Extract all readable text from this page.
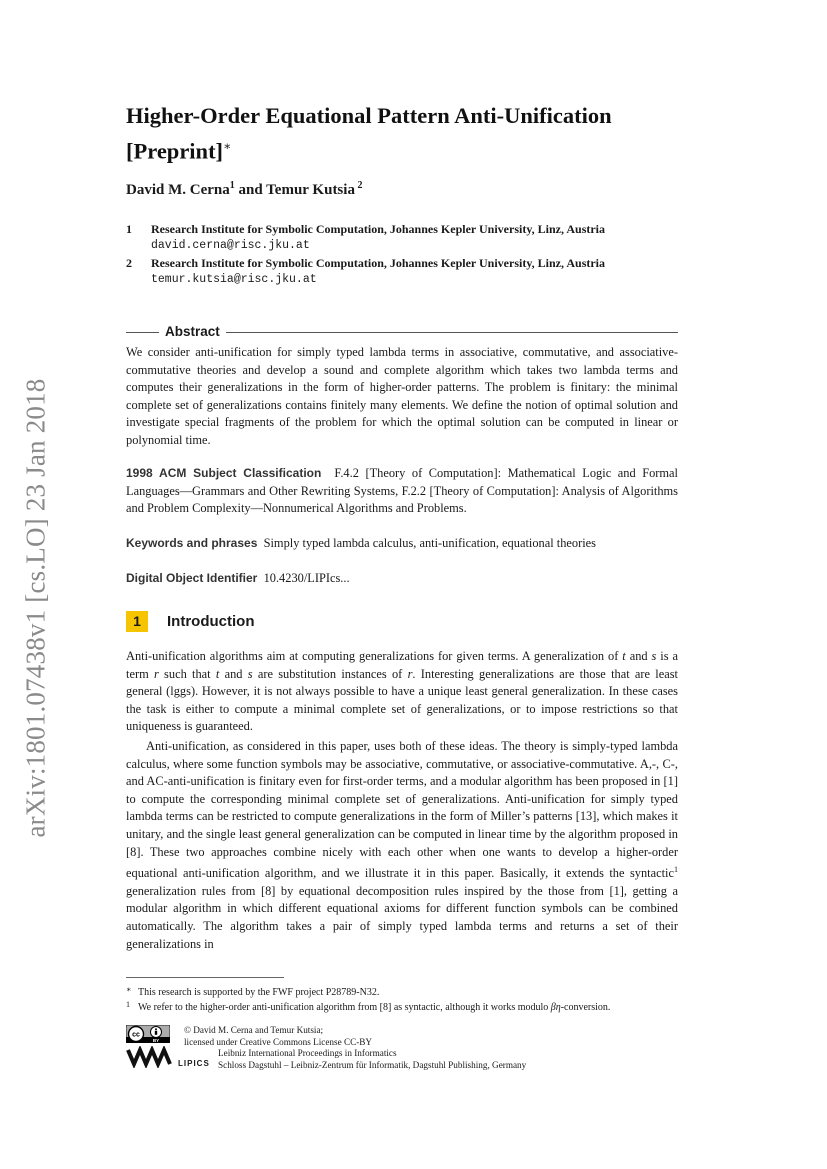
arXiv:1801.07438v1 [cs.LO] 23 Jan 2018
Higher-Order Equational Pattern Anti-Unification
[Preprint]∗
David M. Cerna$^1$ and Temur Kutsia $^2$
1 Research Institute for Symbolic Computation, Johannes Kepler University, Linz, Austria
david.cerna@risc.jku.at
2 Research Institute for Symbolic Computation, Johannes Kepler University, Linz, Austria
temur.kutsia@risc.jku.at
Abstract

We consider anti-unification for simply typed lambda terms in associative, commutative, and associative-commutative theories and develop a sound and complete algorithm which takes two lambda terms and computes their generalizations in the form of higher-order patterns. The problem is finitary: the minimal complete set of generalizations contains finitely many elements. We define the notion of optimal solution and investigate special fragments of the problem for which the optimal solution can be computed in linear or polynomial time.

1998 ACM Subject Classification F.4.2 [Theory of Computation]: Mathematical Logic and Formal Languages—Grammars and Other Rewriting Systems, F.2.2 [Theory of Computation]: Analysis of Algorithms and Problem Complexity—Nonnumerical Algorithms and Problems.

Keywords and phrases Simply typed lambda calculus, anti-unification, equational theories

Digital Object Identifier 10.4230/LIPIcs...

1	Introduction

Anti-unification algorithms aim at computing generalizations for given terms. A generalization of t and s is a term r such that t and s are substitution instances of r. Interesting generalizations are those that are least general (lggs). However, it is not always possible to have a unique least general generalization. In these cases the task is either to compute a minimal complete set of generalizations, or to impose restrictions so that uniqueness is guaranteed.

Anti-unification, as considered in this paper, uses both of these ideas. The theory is simply-typed lambda calculus, where some function symbols may be associative, commutative, or associative-commutative. A,-, C-, and AC-anti-unification is finitary even for first-order terms, and a modular algorithm has been proposed in [1] to compute the corresponding minimal complete set of generalizations. Anti-unification for simply typed lambda terms can be restricted to compute generalizations in the form of Miller’s patterns [13], which makes it unitary, and the single least general generalization can be computed in linear time by the algorithm proposed in [8]. These two approaches combine nicely with each other when one wants to develop a higher-order equational anti-unification algorithm, and we illustrate it in this paper. Basically, it extends the syntactic$^1$ generalization rules from [8] by equational decomposition rules inspired by the those from [1], getting a modular algorithm in which different equational axioms for different function symbols can be combined automatically. The algorithm takes a pair of simply typed lambda terms and returns a set of their generalizations in

∗ This research is supported by the FWF project P28789-N32.
1 We refer to the higher-order anti-unification algorithm from [8] as syntactic, although it works modulo βη-conversion.
cc
BY
© David M. Cerna and Temur Kutsia;
licensed under Creative Commons License CC-BY
LIPICS
Leibniz International Proceedings in Informatics
Schloss Dagstuhl – Leibniz-Zentrum für Informatik, Dagstuhl Publishing, Germany
